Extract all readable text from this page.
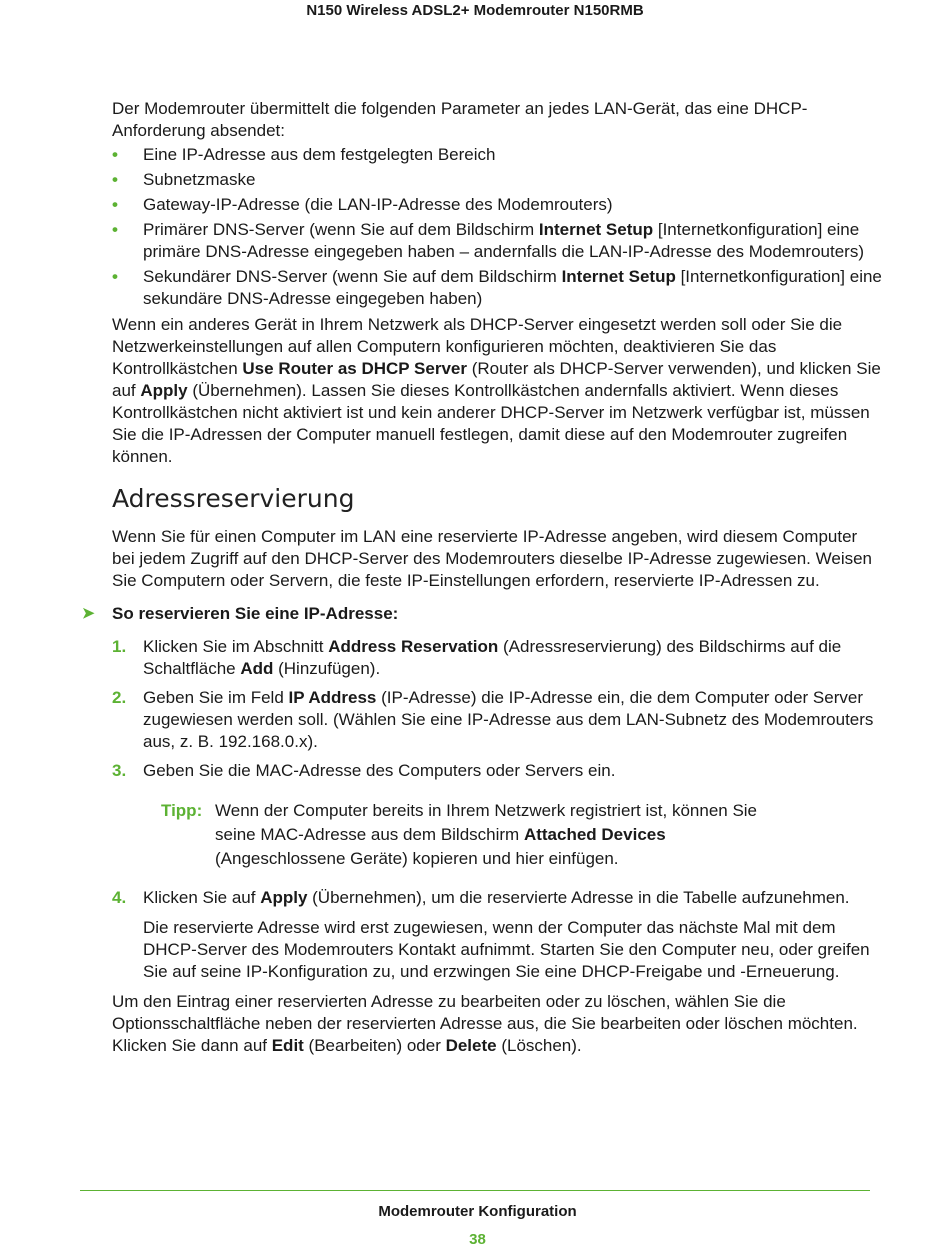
N150 Wireless ADSL2+ Modemrouter N150RMB

Der Modemrouter übermittelt die folgenden Parameter an jedes LAN-Gerät, das eine DHCP-Anforderung absendet:

• Eine IP-Adresse aus dem festgelegten Bereich
• Subnetzmaske
• Gateway-IP-Adresse (die LAN-IP-Adresse des Modemrouters)
• Primärer DNS-Server (wenn Sie auf dem Bildschirm Internet Setup [Internetkonfiguration] eine primäre DNS-Adresse eingegeben haben – andernfalls die LAN-IP-Adresse des Modemrouters)
• Sekundärer DNS-Server (wenn Sie auf dem Bildschirm Internet Setup [Internetkonfiguration] eine sekundäre DNS-Adresse eingegeben haben)

Wenn ein anderes Gerät in Ihrem Netzwerk als DHCP-Server eingesetzt werden soll oder Sie die Netzwerkeinstellungen auf allen Computern konfigurieren möchten, deaktivieren Sie das Kontrollkästchen Use Router as DHCP Server (Router als DHCP-Server verwenden), und klicken Sie auf Apply (Übernehmen). Lassen Sie dieses Kontrollkästchen andernfalls aktiviert. Wenn dieses Kontrollkästchen nicht aktiviert ist und kein anderer DHCP-Server im Netzwerk verfügbar ist, müssen Sie die IP-Adressen der Computer manuell festlegen, damit diese auf den Modemrouter zugreifen können.

Adressreservierung

Wenn Sie für einen Computer im LAN eine reservierte IP-Adresse angeben, wird diesem Computer bei jedem Zugriff auf den DHCP-Server des Modemrouters dieselbe IP-Adresse zugewiesen. Weisen Sie Computern oder Servern, die feste IP-Einstellungen erfordern, reservierte IP-Adressen zu.

➤ So reservieren Sie eine IP-Adresse:
1. Klicken Sie im Abschnitt Address Reservation (Adressreservierung) des Bildschirms auf die Schaltfläche Add (Hinzufügen).
2. Geben Sie im Feld IP Address (IP-Adresse) die IP-Adresse ein, die dem Computer oder Server zugewiesen werden soll. (Wählen Sie eine IP-Adresse aus dem LAN-Subnetz des Modemrouters aus, z. B. 192.168.0.x).
3. Geben Sie die MAC-Adresse des Computers oder Servers ein.
Tipp: Wenn der Computer bereits in Ihrem Netzwerk registriert ist, können Sie seine MAC-Adresse aus dem Bildschirm Attached Devices (Angeschlossene Geräte) kopieren und hier einfügen.
4. Klicken Sie auf Apply (Übernehmen), um die reservierte Adresse in die Tabelle aufzunehmen.

Die reservierte Adresse wird erst zugewiesen, wenn der Computer das nächste Mal mit dem DHCP-Server des Modemrouters Kontakt aufnimmt. Starten Sie den Computer neu, oder greifen Sie auf seine IP-Konfiguration zu, und erzwingen Sie eine DHCP-Freigabe und -Erneuerung.

Um den Eintrag einer reservierten Adresse zu bearbeiten oder zu löschen, wählen Sie die Optionsschaltfläche neben der reservierten Adresse aus, die Sie bearbeiten oder löschen möchten. Klicken Sie dann auf Edit (Bearbeiten) oder Delete (Löschen).

Modemrouter Konfiguration
38
